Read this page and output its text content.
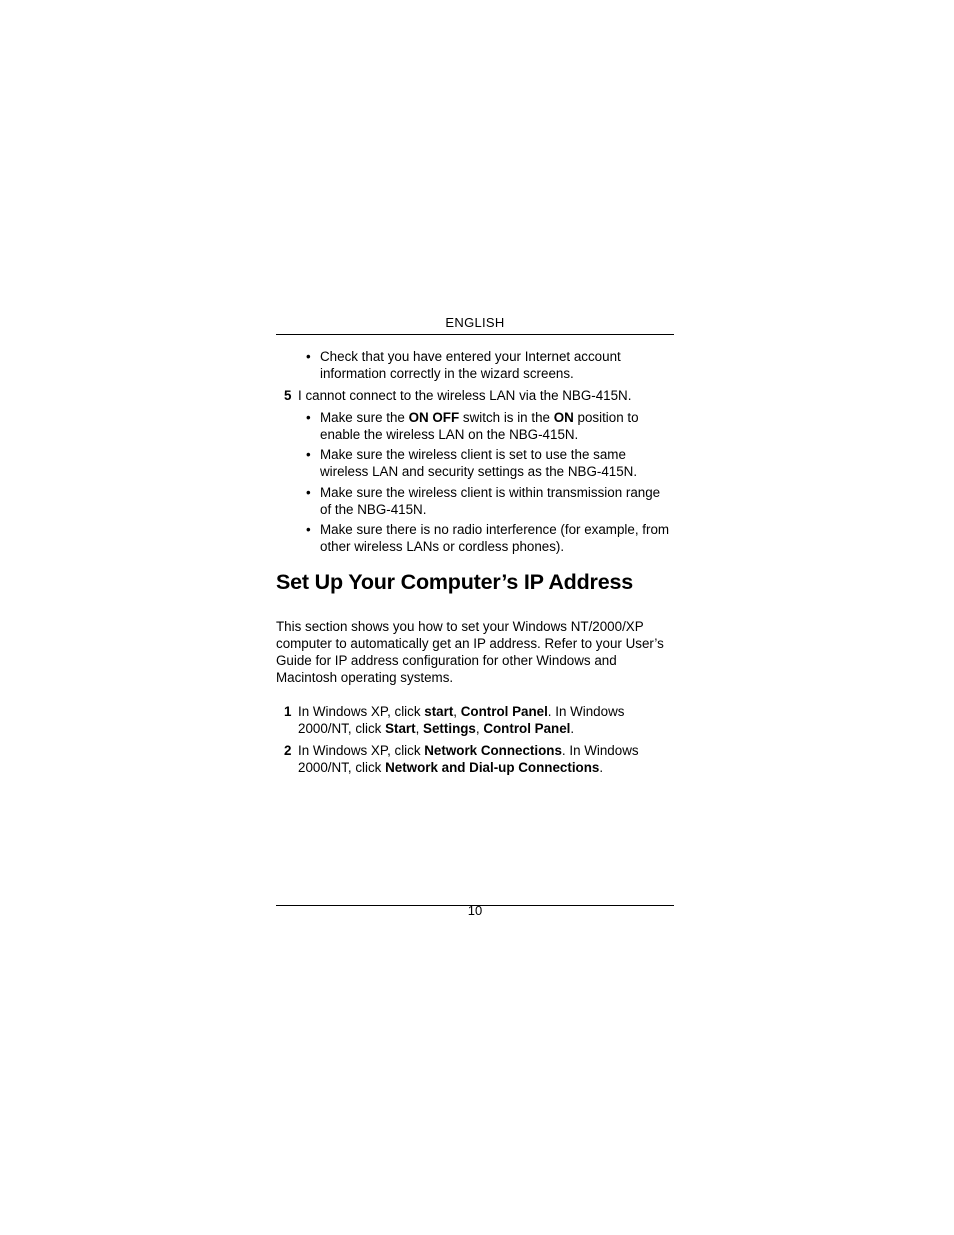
ENGLISH
• Check that you have entered your Internet account information correctly in the wizard screens.
5 I cannot connect to the wireless LAN via the NBG-415N.
• Make sure the ON OFF switch is in the ON position to enable the wireless LAN on the NBG-415N.
• Make sure the wireless client is set to use the same wireless LAN and security settings as the NBG-415N.
• Make sure the wireless client is within transmission range of the NBG-415N.
• Make sure there is no radio interference (for example, from other wireless LANs or cordless phones).
Set Up Your Computer’s IP Address
This section shows you how to set your Windows NT/2000/XP computer to automatically get an IP address. Refer to your User’s Guide for IP address configuration for other Windows and Macintosh operating systems.
1 In Windows XP, click start, Control Panel. In Windows 2000/NT, click Start, Settings, Control Panel.
2 In Windows XP, click Network Connections. In Windows 2000/NT, click Network and Dial-up Connections.
10
